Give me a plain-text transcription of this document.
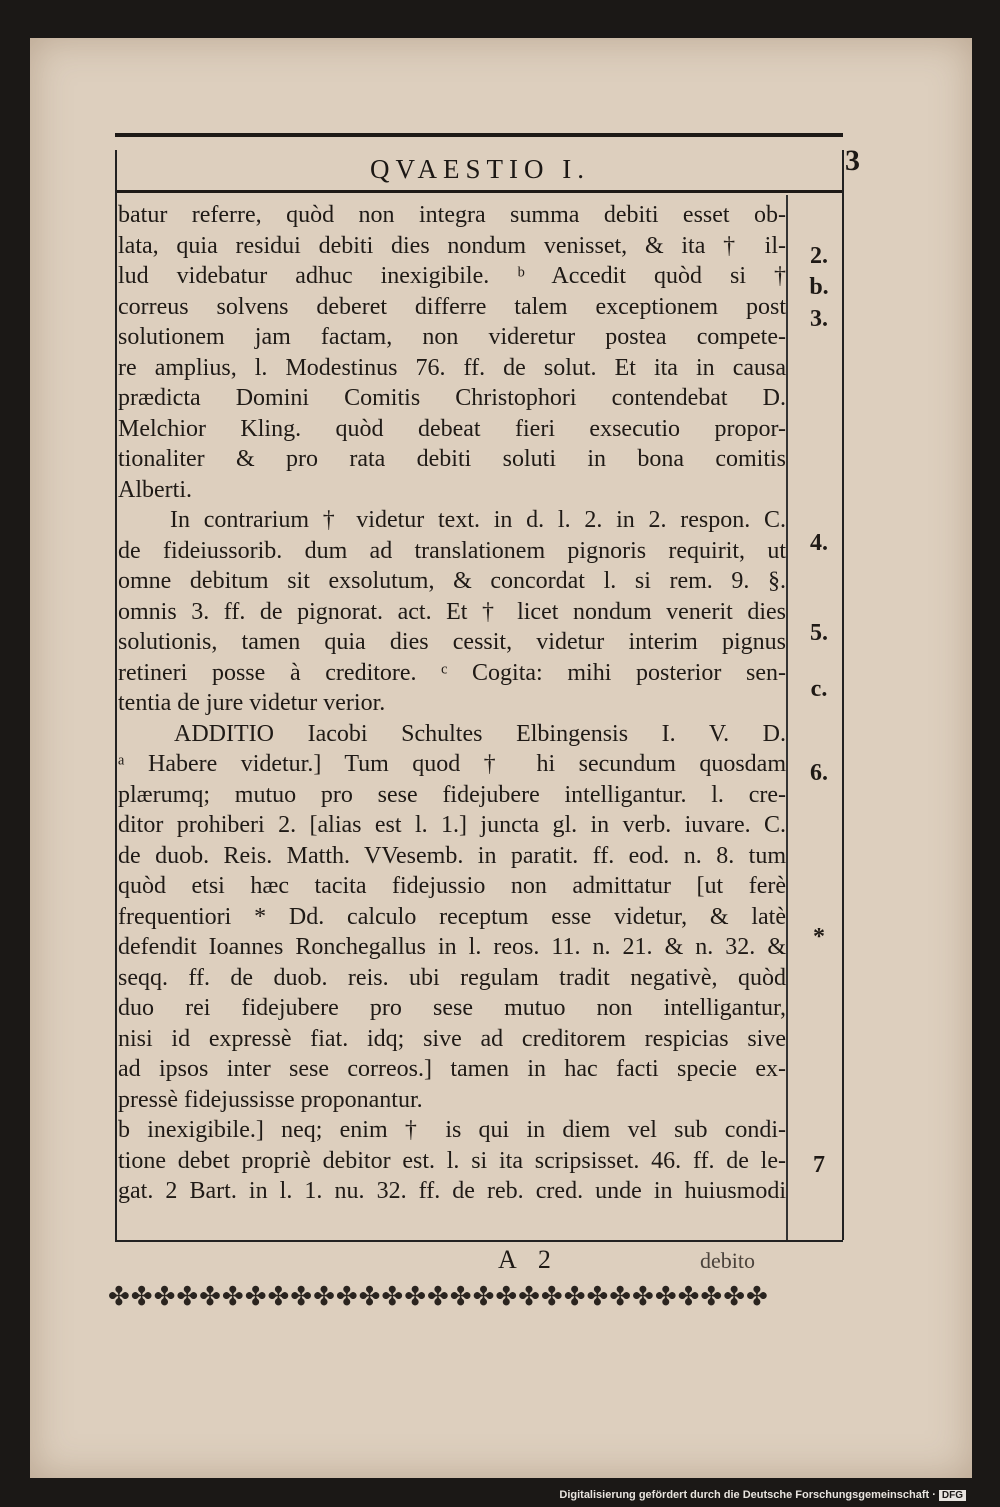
QVAESTIO I.	3
batur referre, quòd non integra summa debiti esset ob-
lata, quia residui debiti dies nondum venisset, & ita † il-
lud videbatur adhuc inexigibile. ᵇ Accedit quòd si †
correus solvens deberet differre talem exceptionem post
solutionem jam factam, non videretur postea compete-
re amplius, l. Modestinus 76. ff. de solut. Et ita in causa
prædicta Domini Comitis Christophori contendebat D.
Melchior Kling. quòd debeat fieri exsecutio propor-
tionaliter & pro rata debiti soluti in bona comitis
Alberti.
In contrarium † videtur text. in d. l. 2. in 2. respon. C.
de fideiussorib. dum ad translationem pignoris requirit, ut
omne debitum sit exsolutum, & concordat l. si rem. 9. §.
omnis 3. ff. de pignorat. act. Et † licet nondum venerit dies
solutionis, tamen quia dies cessit, videtur interim pignus
retineri posse à creditore. ᶜ Cogita: mihi posterior sen-
tentia de jure videtur verior.
ADDITIO Iacobi Schultes Elbingensis I. V. D.
ᵃ Habere videtur.] Tum quod † hi secundum quosdam
plærumq; mutuo pro sese fidejubere intelligantur. l. cre-
ditor prohiberi 2. [alias est l. 1.] juncta gl. in verb. iuvare. C.
de duob. Reis. Matth. VVesemb. in paratit. ff. eod. n. 8. tum
quòd etsi hæc tacita fidejussio non admittatur [ut ferè
frequentiori * Dd. calculo receptum esse videtur, & latè
defendit Ioannes Ronchegallus in l. reos. 11. n. 21. & n. 32. &
seqq. ff. de duob. reis. ubi regulam tradit negativè, quòd
duo rei fidejubere pro sese mutuo non intelligantur,
nisi id expressè fiat. idq; sive ad creditorem respicias sive
ad ipsos inter sese correos.] tamen in hac facti specie ex-
pressè fidejussisse proponantur.
b inexigibile.] neq; enim † is qui in diem vel sub condi-
tione debet propriè debitor est. l. si ita scripsisset. 46. ff. de le-
gat. 2 Bart. in l. 1. nu. 32. ff. de reb. cred. unde in huiusmodi
2.
b.
3.
4.
5.
c.
6.
*
7
A 2	debito
✤✤✤✤✤✤✤✤✤✤✤✤✤✤✤✤✤✤✤✤✤✤✤✤✤✤✤✤✤
Digitalisierung gefördert durch die Deutsche Forschungsgemeinschaft · DFG
